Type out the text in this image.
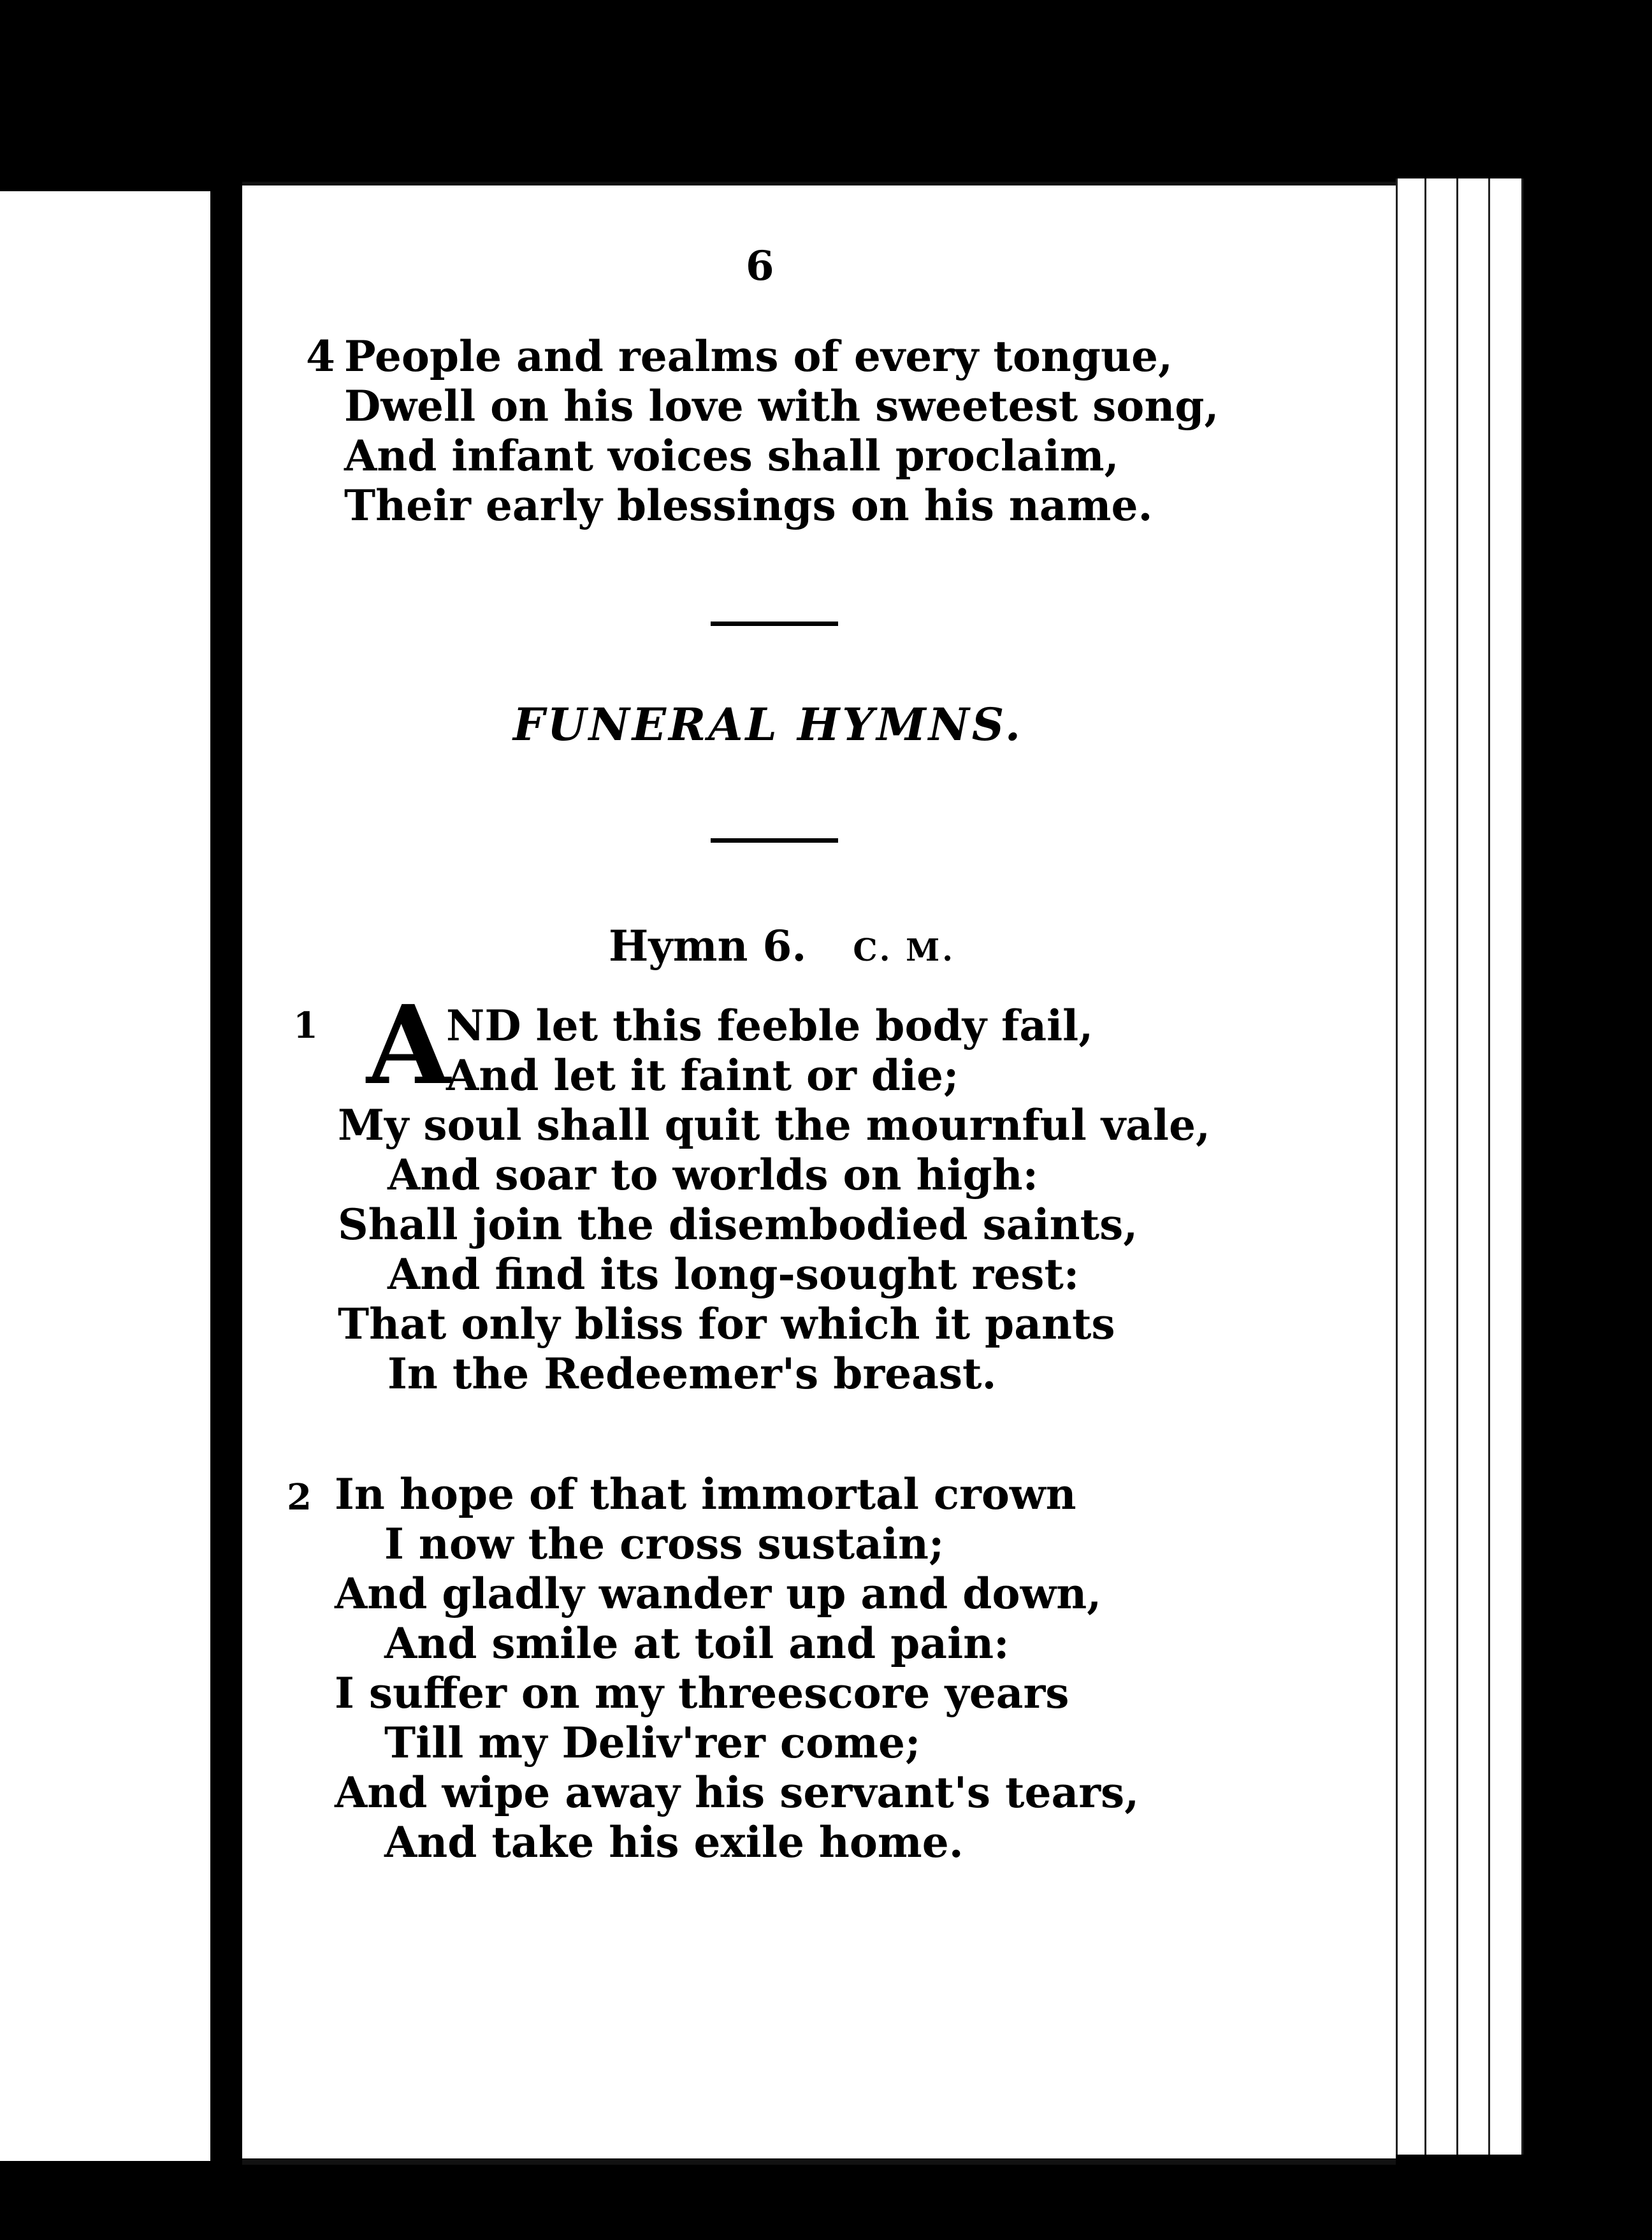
6
4 People and realms of every tongue,
Dwell on his love with sweetest song,
And infant voices shall proclaim,
Their early blessings on his name.
FUNERAL HYMNS.
Hymn 6. C. M.
1 A
ND let this feeble body fail,
And let it faint or die;
My soul shall quit the mournful vale,
And soar to worlds on high:
Shall join the disembodied saints,
And find its long-sought rest:
That only bliss for which it pants
In the Redeemer's breast.
2 In hope of that immortal crown
I now the cross sustain;
And gladly wander up and down,
And smile at toil and pain:
I suffer on my threescore years
Till my Deliv'rer come;
And wipe away his servant's tears,
And take his exile home.
